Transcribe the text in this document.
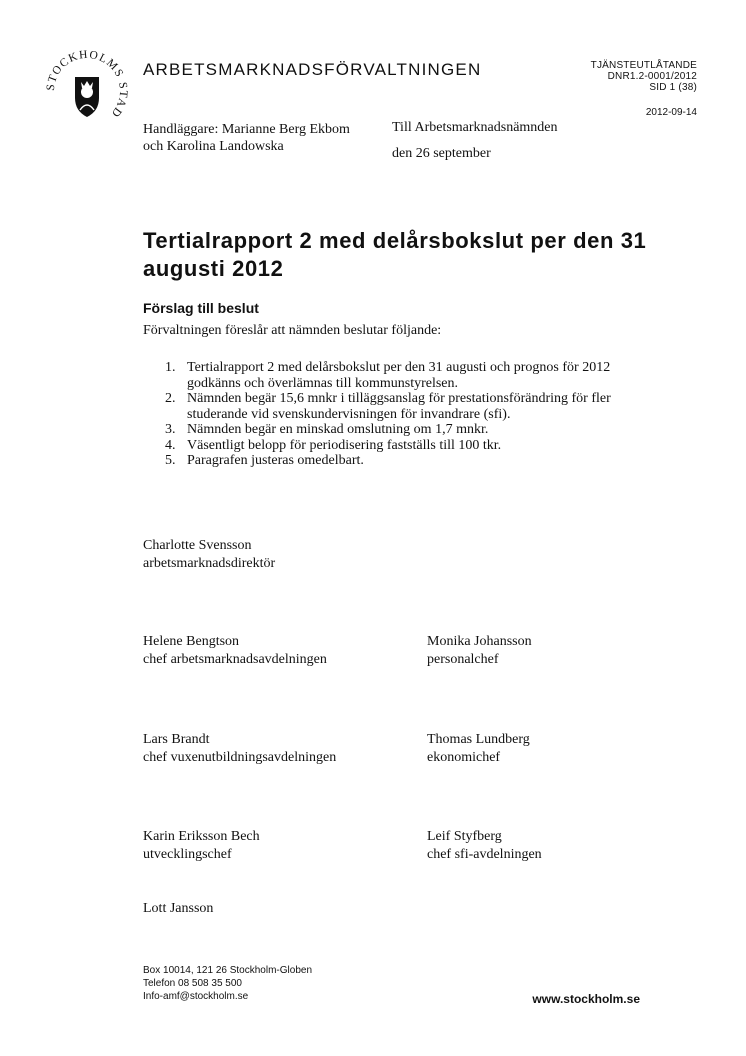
STOCKHOLMS STAD
ARBETSMARKNADSFÖRVALTNINGEN	TJÄNSTEUTLÅTANDE
DNR1.2-0001/2012
SID 1 (38)
2012-09-14
Handläggare: Marianne Berg Ekbom
och Karolina Landowska
Till Arbetsmarknadsnämnden
den 26 september
Tertialrapport 2 med delårsbokslut per den 31 augusti 2012
Förslag till beslut
Förvaltningen föreslår att nämnden beslutar följande:
1. Tertialrapport 2 med delårsbokslut per den 31 augusti och prognos för 2012 godkänns och överlämnas till kommunstyrelsen.
2. Nämnden begär 15,6 mnkr i tilläggsanslag för prestationsförändring för fler studerande vid svenskundervisningen för invandrare (sfi).
3. Nämnden begär en minskad omslutning om 1,7 mnkr.
4. Väsentligt belopp för periodisering fastställs till 100 tkr.
5. Paragrafen justeras omedelbart.
Charlotte Svensson
arbetsmarknadsdirektör
Helene Bengtson
chef arbetsmarknadsavdelningen
Monika Johansson
personalchef
Lars Brandt
chef vuxenutbildningsavdelningen
Thomas Lundberg
ekonomichef
Karin Eriksson Bech
utvecklingschef
Leif Styfberg
chef sfi-avdelningen
Lott Jansson
Box 10014, 121 26 Stockholm-Globen
Telefon 08 508 35 500
Info-amf@stockholm.se	www.stockholm.se
